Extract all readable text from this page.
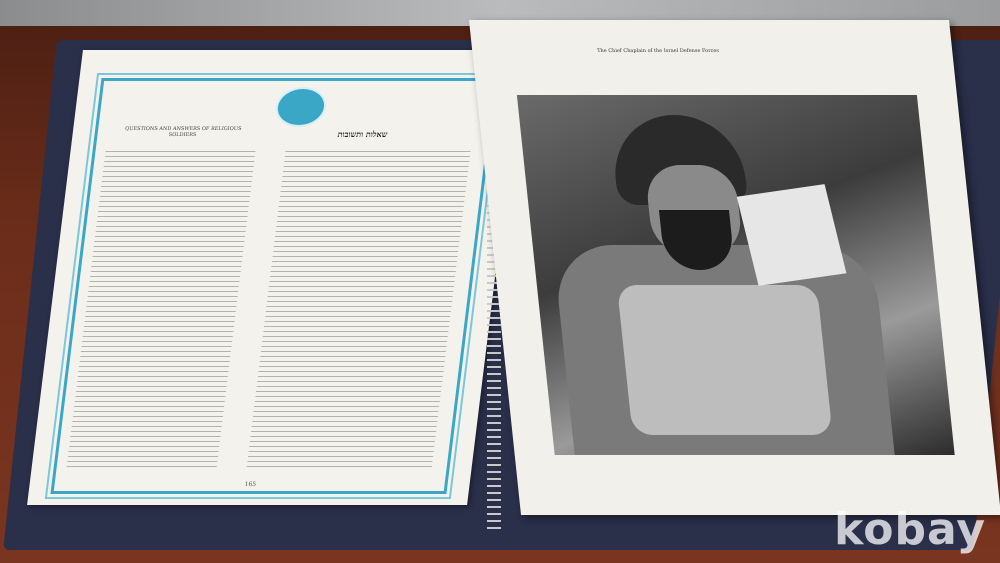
QUESTIONS AND ANSWERS OF RELIGIOUS SOLDIERS	שאלות ותשובות
165
The Chief Chaplain of the Israel Defense Forces
kobay
